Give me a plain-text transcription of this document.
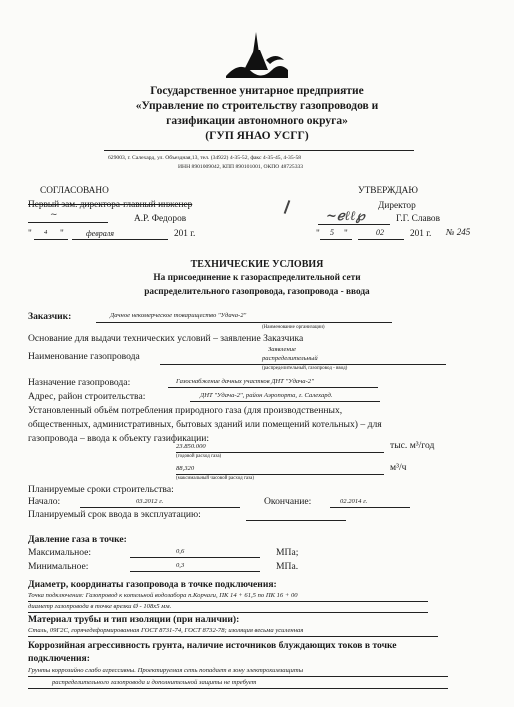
Государственное унитарное предприятие
«Управление по строительству газопроводов и
газификации автономного округа»
(ГУП ЯНАО УСГГ)
629003, г. Салехард, ул. Объездная,13, тел. (34922) 4-35-52, факс 4-35-45, 4-35-58
ИНН 8901009042, КПП 890101001, ОКПО 48725333
СОГЛАСОВАНО
Первый зам. директора-главный инженер
~	А.Р. Федоров
" 4 "	февраля	201 г.
УТВЕРЖДАЮ
Директор
~ℯℓℓ℘	Г.Г. Славов
" 5 "	02	201 г. № 245
ТЕХНИЧЕСКИЕ УСЛОВИЯ
На присоединение к газораспределительной сети
распределительного газопровода, газопровода - ввода
Заказчик:	Дачное некомерческое товарищество "Удача-2"
(Наименование организации)
Основание для выдачи технических условий – заявление Заказчика
Заявление
Наименование газопровода	распределительный
(распределительный, газопровод - ввод)
Назначение газопровода:	Газоснабжение дачных участков ДНТ "Удача-2"
Адрес, район строительства:	ДНТ "Удача-2", район Аэропорта, г. Салехард.
Установленный объём потребления природного газа (для производственных,
общественных, административных, бытовых зданий или помещений котельных) – для
газопровода – ввода к объекту газификации:
23.850.000
(годовой расход газа)
тыс. м³/год
88,320
(максимальный часовой расход газа)
м³/ч
Планируемые сроки строительства:
Начало:	03.2012 г.	Окончание:	02.2014 г.
Планируемый срок ввода в эксплуатацию:
Давление газа в точке:
Максимальное:	0,6	МПа;
Минимальное:	0,3	МПа.
Диаметр, координаты газопровода в точке подключения:
Точка подключения: Газопровод к котельной водозабора п.Корчаги, ПК 14 + 61,5 по ПК 16 + 00
диаметр газопровода в точке врезки Ø - 108х5 мм.
Материал трубы и тип изоляции (при наличии):
Сталь, 09Г2С, горячедеформированная ГОСТ 8731-74, ГОСТ 8732-78; изоляция весьма усиленная
Коррозийная агрессивность грунта, наличие источников блуждающих токов в точке
подключения:
Грунты коррозийно слабо агрессивны. Проектируемая сеть попадает в зону электрохимзащиты
распределительного газопровода и дополнительной защиты не требует
